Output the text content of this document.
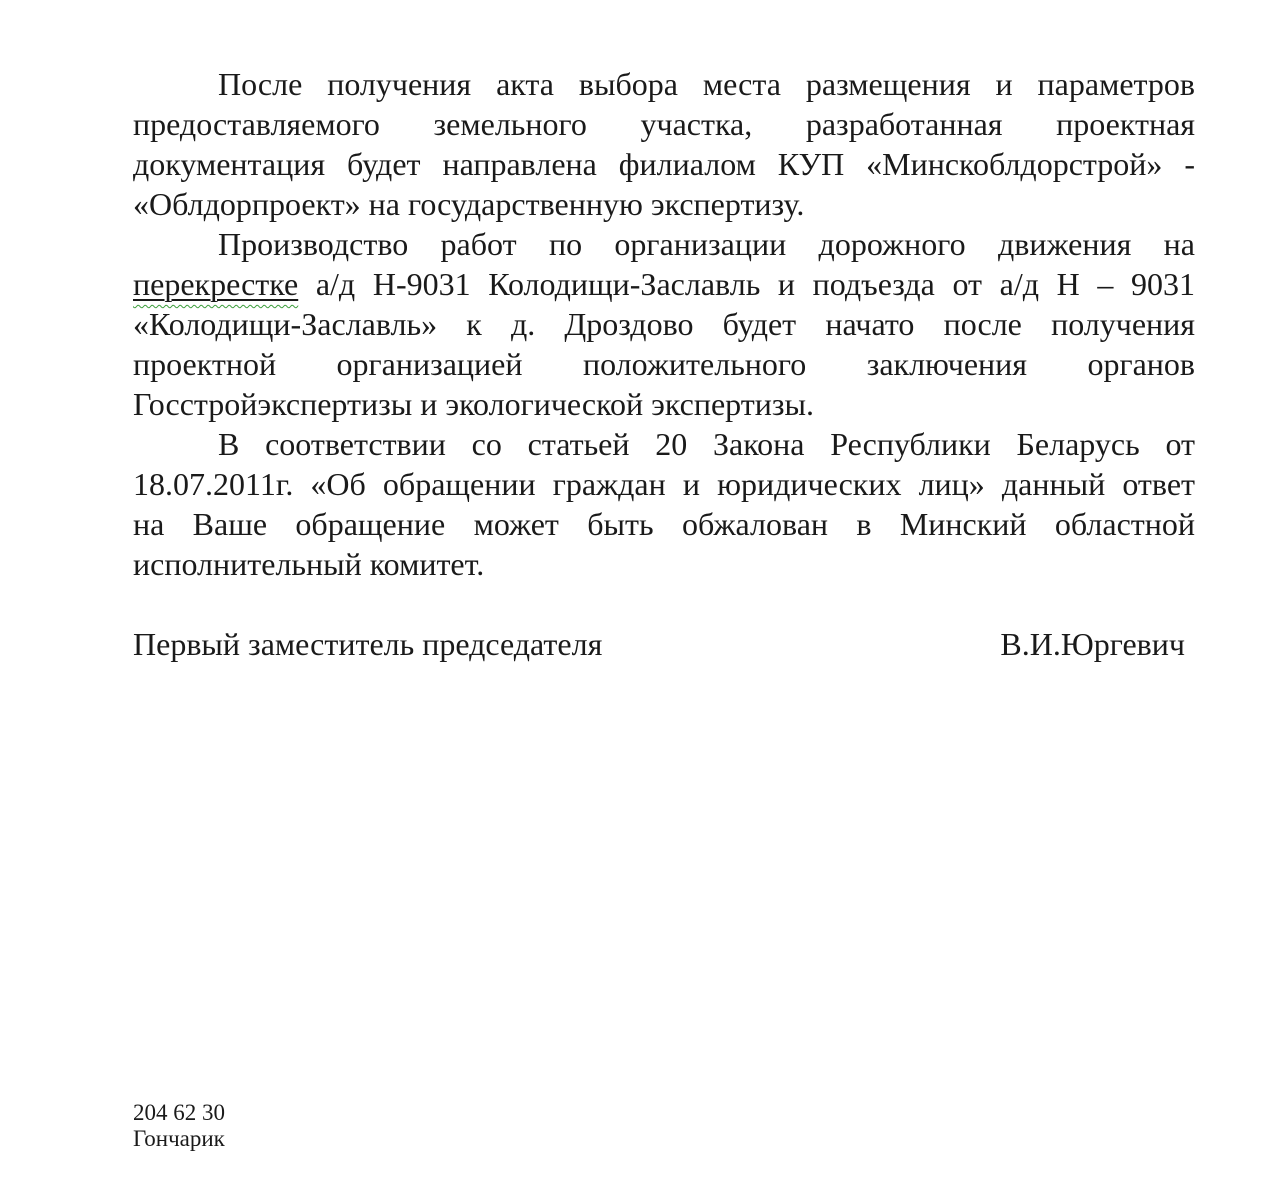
После получения акта выбора места размещения и параметров
предоставляемого земельного участка, разработанная проектная
документация будет направлена филиалом КУП «Минскоблдорстрой» -
«Облдорпроект» на государственную экспертизу.
Производство работ по организации дорожного движения на
перекрестке а/д Н-9031 Колодищи-Заславль и подъезда от а/д Н – 9031
«Колодищи-Заславль» к д. Дроздово будет начато после получения
проектной организацией положительного заключения органов
Госстройэкспертизы и экологической экспертизы.
В соответствии со статьей 20 Закона Республики Беларусь от
18.07.2011г. «Об обращении граждан и юридических лиц» данный ответ
на Ваше обращение может быть обжалован в Минский областной
исполнительный комитет.
Первый заместитель председателя	В.И.Юргевич
204 62 30
Гончарик
